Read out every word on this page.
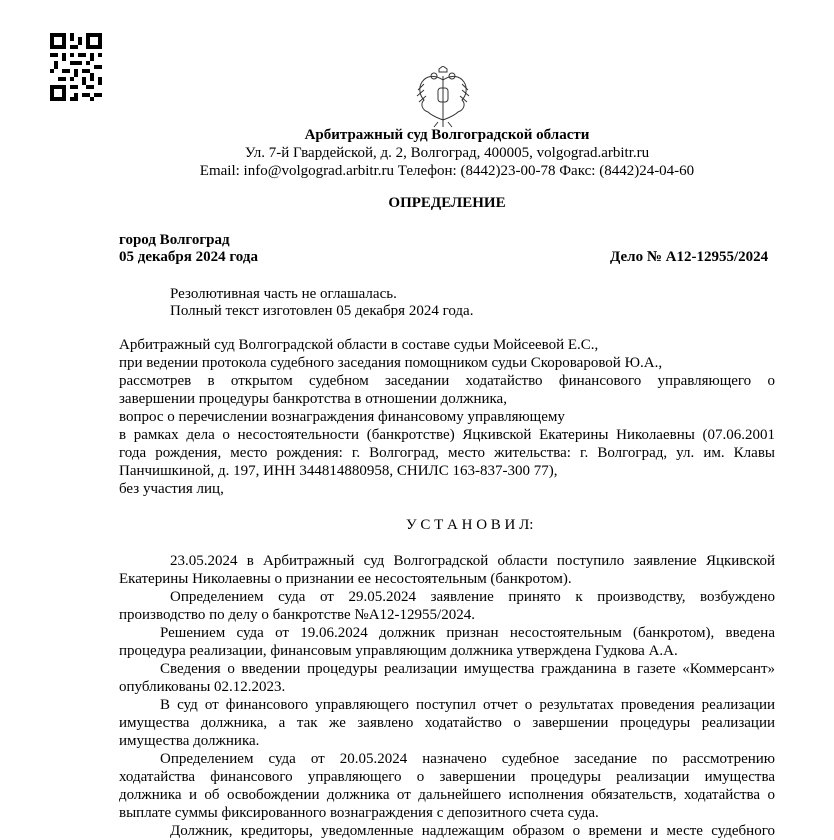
Арбитражный суд Волгоградской области
Ул. 7-й Гвардейской, д. 2, Волгоград, 400005, volgograd.arbitr.ru
Email: info@volgograd.arbitr.ru Телефон: (8442)23-00-78 Факс: (8442)24-04-60
ОПРЕДЕЛЕНИЕ
город Волгоград
05 декабря 2024 года	Дело № А12-12955/2024
Резолютивная часть не оглашалась.
Полный текст изготовлен 05 декабря 2024 года.
Арбитражный суд Волгоградской области в составе судьи Мойсеевой Е.С.,
при ведении протокола судебного заседания помощником судьи Скороваровой Ю.А.,
рассмотрев в открытом судебном заседании ходатайство финансового управляющего о
завершении процедуры банкротства в отношении должника,
вопрос о перечислении вознаграждения финансовому управляющему
в рамках дела о несостоятельности (банкротстве) Яцкивской Екатерины Николаевны (07.06.2001
года рождения, место рождения: г. Волгоград, место жительства: г. Волгоград, ул. им. Клавы
Панчишкиной, д. 197, ИНН 344814880958, СНИЛС 163-837-300 77),
без участия лиц,
У С Т А Н О В И Л:
23.05.2024 в Арбитражный суд Волгоградской области поступило заявление Яцкивской
Екатерины Николаевны о признании ее несостоятельным (банкротом).
Определением суда от 29.05.2024 заявление принято к производству, возбуждено
производство по делу о банкротстве №А12-12955/2024.
Решением суда от 19.06.2024 должник признан несостоятельным (банкротом), введена
процедура реализации, финансовым управляющим должника утверждена Гудкова А.А.
Сведения о введении процедуры реализации имущества гражданина в газете «Коммерсант»
опубликованы 02.12.2023.
В суд от финансового управляющего поступил отчет о результатах проведения реализации
имущества должника, а так же заявлено ходатайство о завершении процедуры реализации
имущества должника.
Определением суда от 20.05.2024 назначено судебное заседание по рассмотрению
ходатайства финансового управляющего о завершении процедуры реализации имущества
должника и об освобождении должника от дальнейшего исполнения обязательств, ходатайства о
выплате суммы фиксированного вознаграждения с депозитного счета суда.
Должник, кредиторы, уведомленные надлежащим образом о времени и месте судебного
